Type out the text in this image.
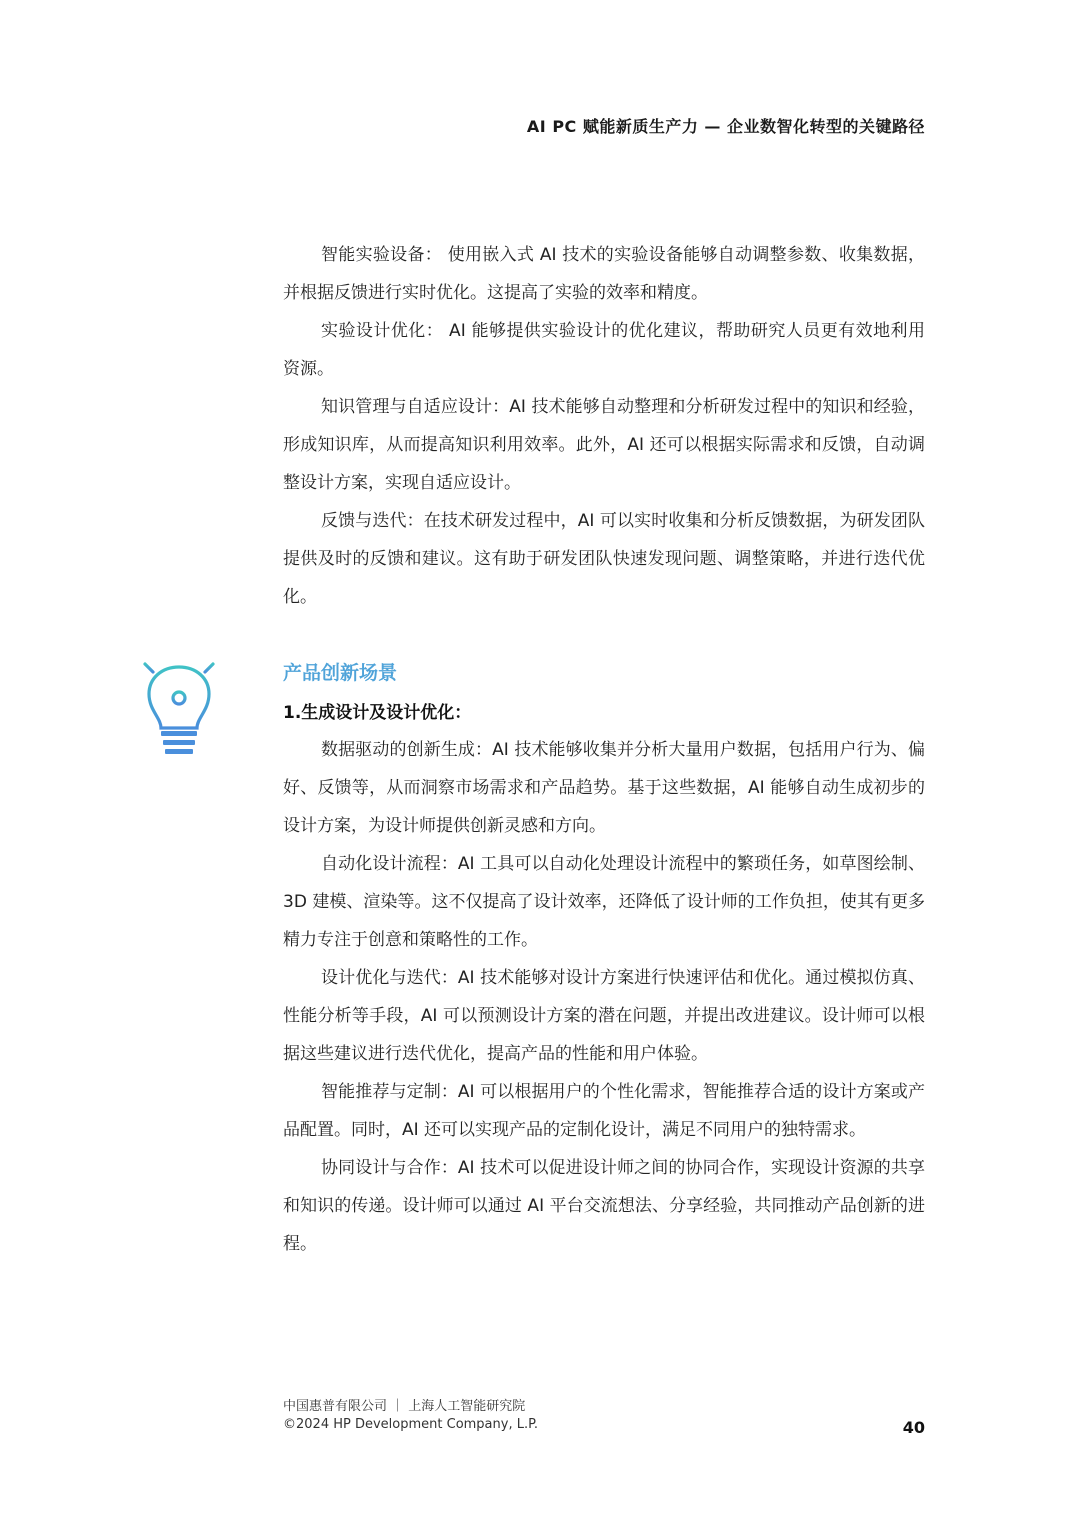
AI PC 赋能新质生产力 — 企业数智化转型的关键路径

智能实验设备： 使用嵌入式 AI 技术的实验设备能够自动调整参数、收集数据，并根据反馈进行实时优化。这提高了实验的效率和精度。

实验设计优化： AI 能够提供实验设计的优化建议，帮助研究人员更有效地利用资源。

知识管理与自适应设计：AI 技术能够自动整理和分析研发过程中的知识和经验，形成知识库，从而提高知识利用效率。此外，AI 还可以根据实际需求和反馈，自动调整设计方案，实现自适应设计。

反馈与迭代：在技术研发过程中，AI 可以实时收集和分析反馈数据，为研发团队提供及时的反馈和建议。这有助于研发团队快速发现问题、调整策略，并进行迭代优化。

产品创新场景
1.生成设计及设计优化：

数据驱动的创新生成：AI 技术能够收集并分析大量用户数据，包括用户行为、偏好、反馈等，从而洞察市场需求和产品趋势。基于这些数据，AI 能够自动生成初步的设计方案，为设计师提供创新灵感和方向。

自动化设计流程：AI 工具可以自动化处理设计流程中的繁琐任务，如草图绘制、3D 建模、渲染等。这不仅提高了设计效率，还降低了设计师的工作负担，使其有更多精力专注于创意和策略性的工作。

设计优化与迭代：AI 技术能够对设计方案进行快速评估和优化。通过模拟仿真、性能分析等手段，AI 可以预测设计方案的潜在问题，并提出改进建议。设计师可以根据这些建议进行迭代优化，提高产品的性能和用户体验。

智能推荐与定制：AI 可以根据用户的个性化需求，智能推荐合适的设计方案或产品配置。同时，AI 还可以实现产品的定制化设计，满足不同用户的独特需求。

协同设计与合作：AI 技术可以促进设计师之间的协同合作，实现设计资源的共享和知识的传递。设计师可以通过 AI 平台交流想法、分享经验，共同推动产品创新的进程。

中国惠普有限公司 ｜ 上海人工智能研究院
©2024 HP Development Company, L.P.	40
